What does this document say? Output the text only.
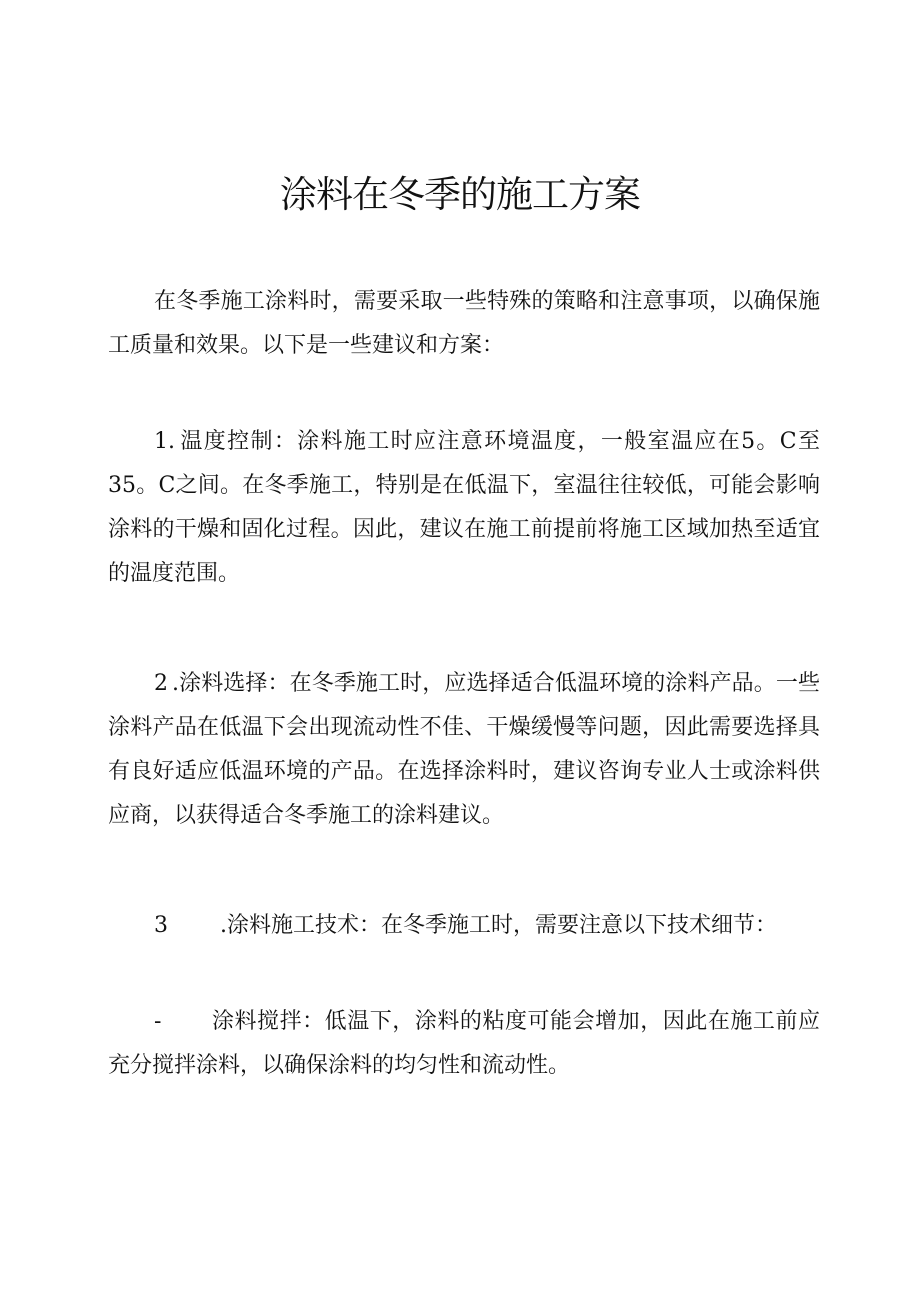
涂料在冬季的施工方案

在冬季施工涂料时，需要采取一些特殊的策略和注意事项，以确保施工质量和效果。以下是一些建议和方案：

1. 温度控制：涂料施工时应注意环境温度，一般室温应在5。C至35。C之间。在冬季施工，特别是在低温下，室温往往较低，可能会影响涂料的干燥和固化过程。因此，建议在施工前提前将施工区域加热至适宜的温度范围。

2 .涂料选择：在冬季施工时，应选择适合低温环境的涂料产品。一些涂料产品在低温下会出现流动性不佳、干燥缓慢等问题，因此需要选择具有良好适应低温环境的产品。在选择涂料时，建议咨询专业人士或涂料供应商，以获得适合冬季施工的涂料建议。

3 .涂料施工技术：在冬季施工时，需要注意以下技术细节：

- 涂料搅拌：低温下，涂料的粘度可能会增加，因此在施工前应充分搅拌涂料，以确保涂料的均匀性和流动性。
